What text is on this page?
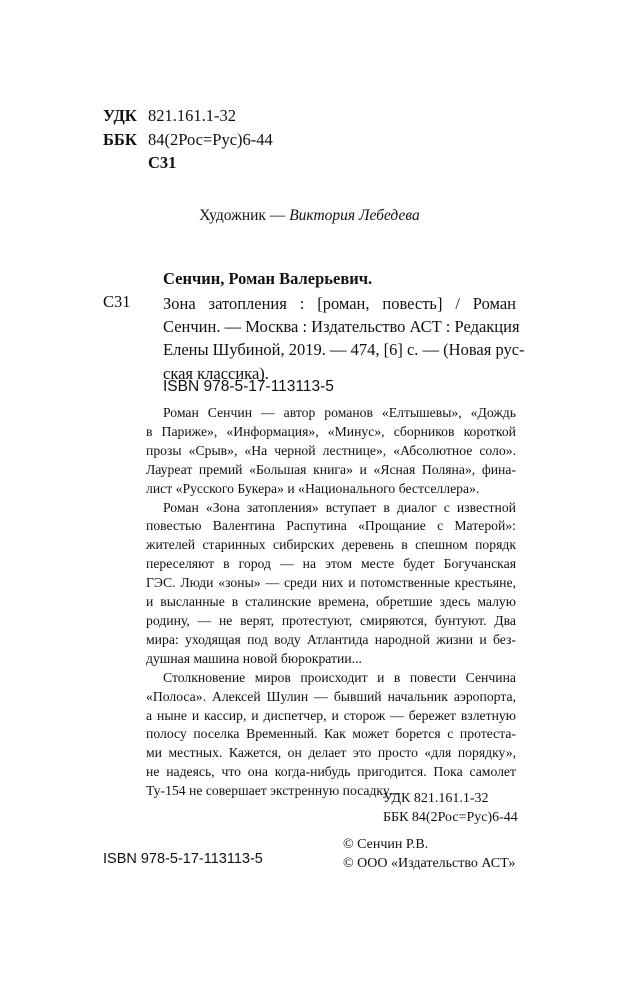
УДК 821.161.1-32
ББК 84(2Рос=Рус)6-44
С31
Художник — Виктория Лебедева
Сенчин, Роман Валерьевич.
С31 Зона затопления : [роман, повесть] / Роман
Сенчин. — Москва : Издательство АСТ : Редакция
Елены Шубиной, 2019. — 474, [6] с. — (Новая рус-
ская классика).
ISBN 978-5-17-113113-5
Роман Сенчин — автор романов «Елтышевы», «Дождь
в Париже», «Информация», «Минус», сборников короткой
прозы «Срыв», «На черной лестнице», «Абсолютное соло».
Лауреат премий «Большая книга» и «Ясная Поляна», фина-
лист «Русского Букера» и «Национального бестселлера».
Роман «Зона затопления» вступает в диалог с известной
повестью Валентина Распутина «Прощание с Матерой»:
жителей старинных сибирских деревень в спешном порядк
переселяют в город — на этом месте будет Богучанская
ГЭС. Люди «зоны» — среди них и потомственные крестьяне,
и высланные в сталинские времена, обретшие здесь малую
родину, — не верят, протестуют, смиряются, бунтуют. Два
мира: уходящая под воду Атлантида народной жизни и без-
душная машина новой бюрократии...
Столкновение миров происходит и в повести Сенчина
«Полоса». Алексей Шулин — бывший начальник аэропорта,
а ныне и кассир, и диспетчер, и сторож — бережет взлетную
полосу поселка Временный. Как может борется с протеста-
ми местных. Кажется, он делает это просто «для порядку»,
не надеясь, что она когда-нибудь пригодится. Пока самолет
Ту-154 не совершает экстренную посадку...
УДК 821.161.1-32
ББК 84(2Рос=Рус)6-44
ISBN 978-5-17-113113-5
© Сенчин Р.В.
© ООО «Издательство АСТ»
